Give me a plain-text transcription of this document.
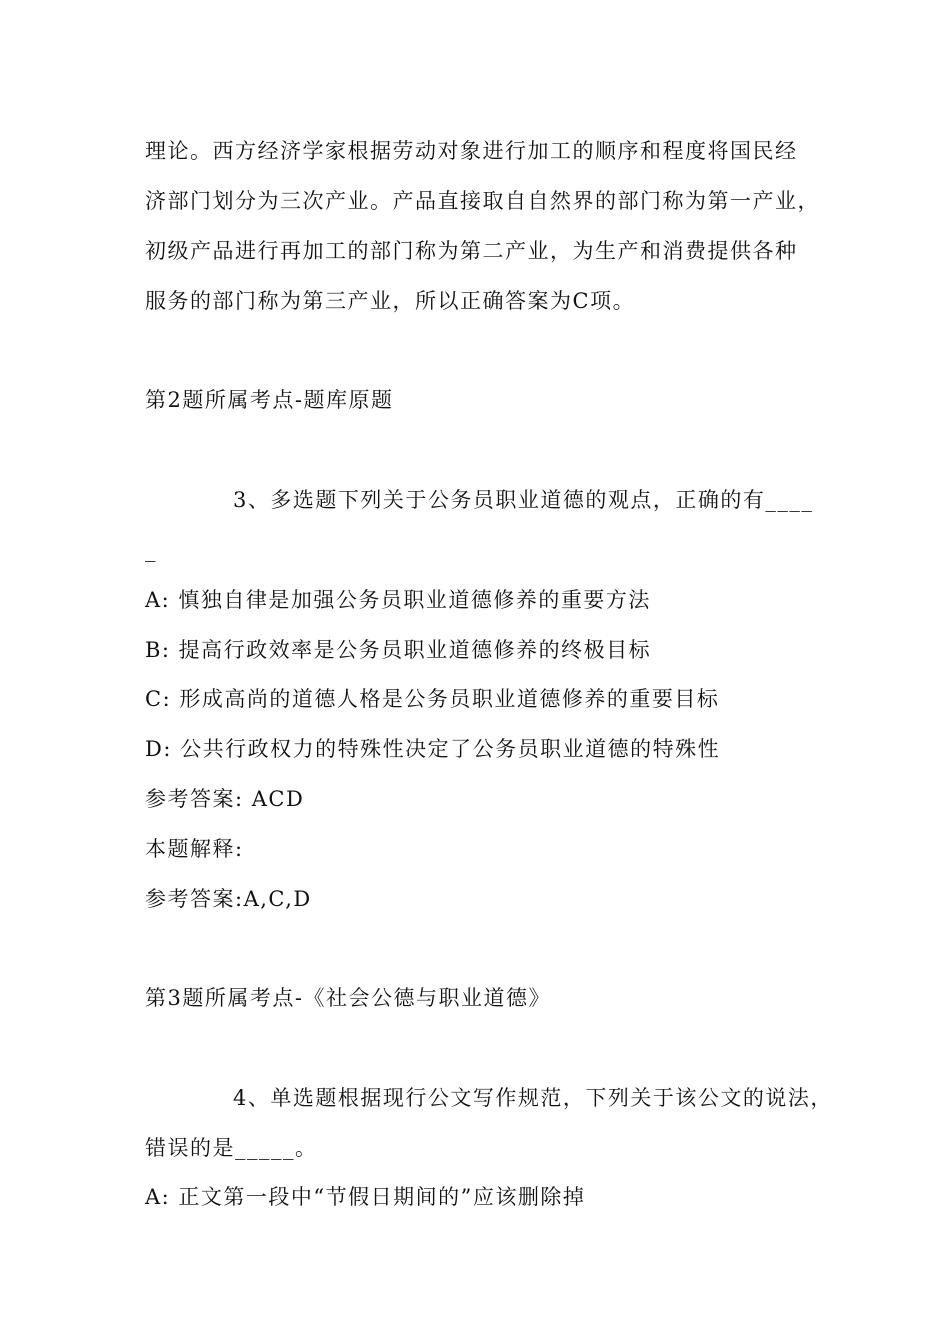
理论。西方经济学家根据劳动对象进行加工的顺序和程度将国民经
济部门划分为三次产业。产品直接取自自然界的部门称为第一产业，
初级产品进行再加工的部门称为第二产业，为生产和消费提供各种
服务的部门称为第三产业，所以正确答案为C项。
第2题所属考点-题库原题
3、多选题下列关于公务员职业道德的观点，正确的有____
_
A: 慎独自律是加强公务员职业道德修养的重要方法
B: 提高行政效率是公务员职业道德修养的终极目标
C: 形成高尚的道德人格是公务员职业道德修养的重要目标
D: 公共行政权力的特殊性决定了公务员职业道德的特殊性
参考答案: ACD
本题解释:
参考答案:A,C,D
第3题所属考点-《社会公德与职业道德》
4、单选题根据现行公文写作规范，下列关于该公文的说法，
错误的是_____。
A: 正文第一段中“节假日期间的”应该删除掉
